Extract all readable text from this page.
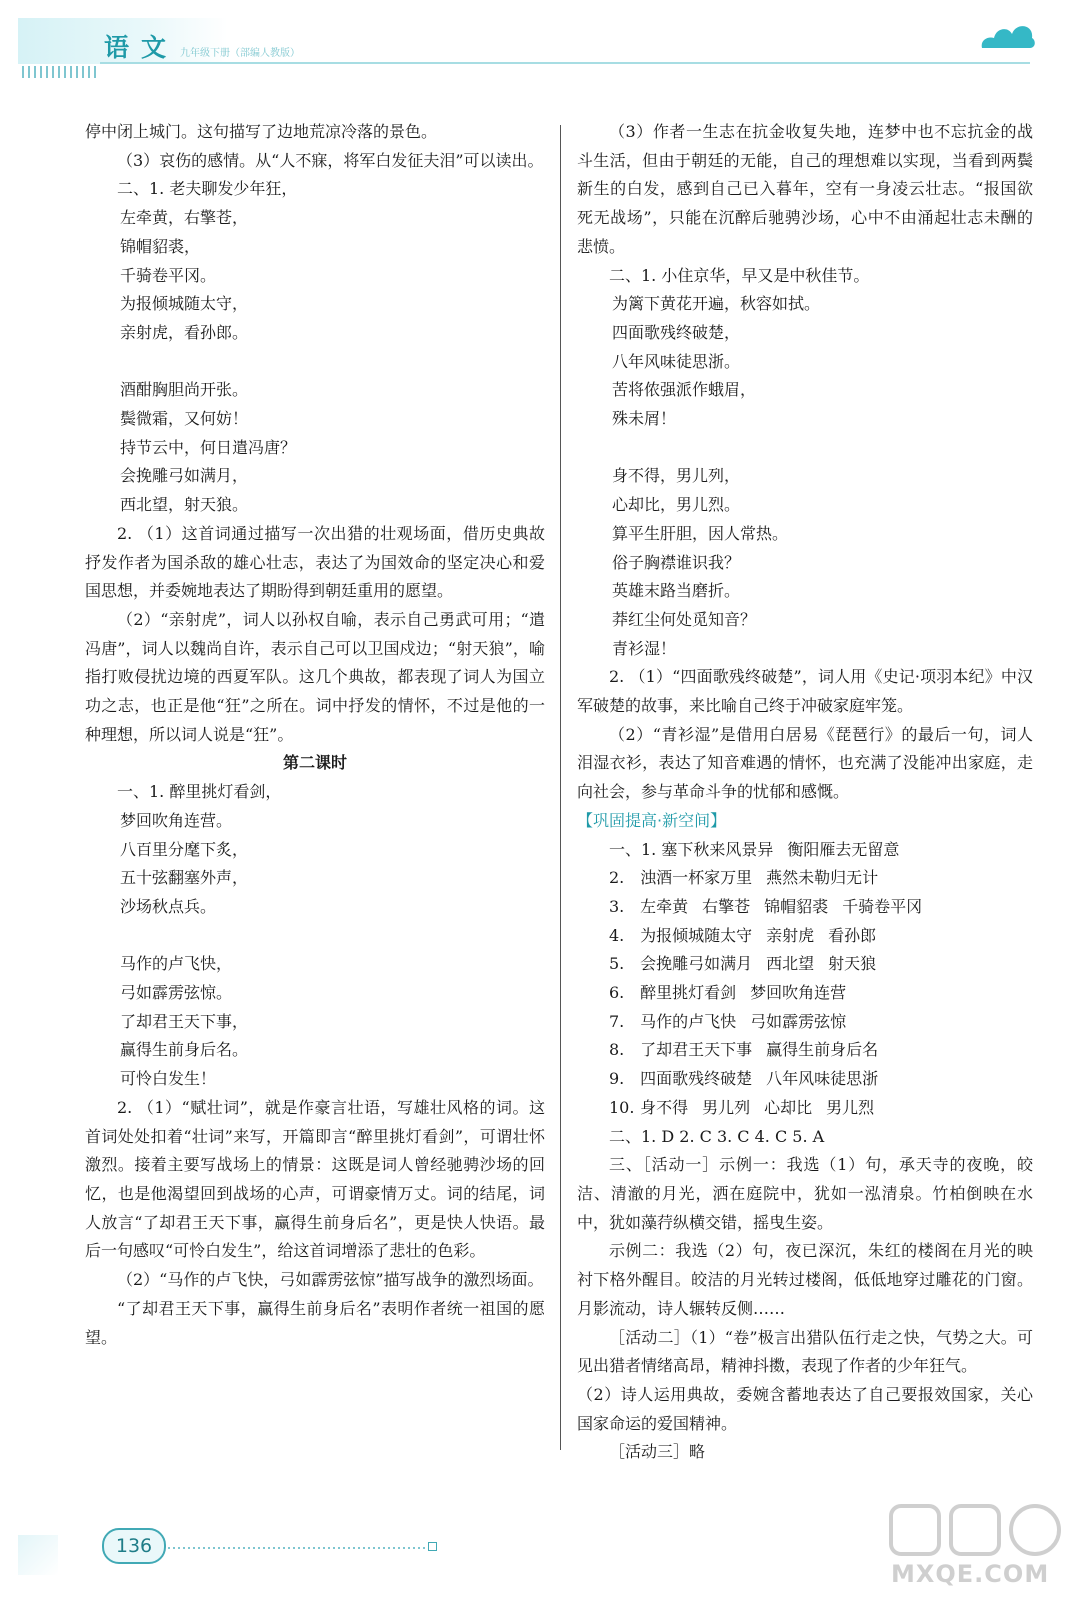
语文 九年级下册（部编人教版）

停中闭上城门。这句描写了边地荒凉冷落的景色。

（3）哀伤的感情。从“人不寐，将军白发征夫泪”可以读出。

二、1. 老夫聊发少年狂，

左牵黄，右擎苍，

锦帽貂裘，

千骑卷平冈。

为报倾城随太守，

亲射虎，看孙郎。

酒酣胸胆尚开张。

鬓微霜，又何妨！

持节云中，何日遣冯唐？

会挽雕弓如满月，

西北望，射天狼。

2. （1）这首词通过描写一次出猎的壮观场面，借历史典故抒发作者为国杀敌的雄心壮志，表达了为国效命的坚定决心和爱国思想，并委婉地表达了期盼得到朝廷重用的愿望。

（2）“亲射虎”，词人以孙权自喻，表示自己勇武可用；“遣冯唐”，词人以魏尚自许，表示自己可以卫国戍边；“射天狼”，喻指打败侵扰边境的西夏军队。这几个典故，都表现了词人为国立功之志，也正是他“狂”之所在。词中抒发的情怀，不过是他的一种理想，所以词人说是“狂”。

第二课时

一、1. 醉里挑灯看剑，

梦回吹角连营。

八百里分麾下炙，

五十弦翻塞外声，

沙场秋点兵。

马作的卢飞快，

弓如霹雳弦惊。

了却君王天下事，

赢得生前身后名。

可怜白发生！

2. （1）“赋壮词”，就是作豪言壮语，写雄壮风格的词。这首词处处扣着“壮词”来写，开篇即言“醉里挑灯看剑”，可谓壮怀激烈。接着主要写战场上的情景：这既是词人曾经驰骋沙场的回忆，也是他渴望回到战场的心声，可谓豪情万丈。词的结尾，词人放言“了却君王天下事，赢得生前身后名”，更是快人快语。最后一句感叹“可怜白发生”，给这首词增添了悲壮的色彩。

（2）“马作的卢飞快，弓如霹雳弦惊”描写战争的激烈场面。

“了却君王天下事，赢得生前身后名”表明作者统一祖国的愿望。

（3）作者一生志在抗金收复失地，连梦中也不忘抗金的战斗生活，但由于朝廷的无能，自己的理想难以实现，当看到两鬓新生的白发，感到自己已入暮年，空有一身凌云壮志。“报国欲死无战场”，只能在沉醉后驰骋沙场，心中不由涌起壮志未酬的悲愤。

二、1. 小住京华，早又是中秋佳节。

为篱下黄花开遍，秋容如拭。

四面歌残终破楚，

八年风味徒思浙。

苦将侬强派作蛾眉，

殊未屑！

身不得，男儿列，

心却比，男儿烈。

算平生肝胆，因人常热。

俗子胸襟谁识我？

英雄末路当磨折。

莽红尘何处觅知音？

青衫湿！

2. （1）“四面歌残终破楚”，词人用《史记·项羽本纪》中汉军破楚的故事，来比喻自己终于冲破家庭牢笼。

（2）“青衫湿”是借用白居易《琵琶行》的最后一句，词人泪湿衣衫，表达了知音难遇的情怀，也充满了没能冲出家庭，走向社会，参与革命斗争的忧郁和感慨。

【巩固提高·新空间】

一、1. 塞下秋来风景异 衡阳雁去无留意

2. 浊酒一杯家万里 燕然未勒归无计

3. 左牵黄 右擎苍 锦帽貂裘 千骑卷平冈

4. 为报倾城随太守 亲射虎 看孙郎

5. 会挽雕弓如满月 西北望 射天狼

6. 醉里挑灯看剑 梦回吹角连营

7. 马作的卢飞快 弓如霹雳弦惊

8. 了却君王天下事 赢得生前身后名

9. 四面歌残终破楚 八年风味徒思浙

10. 身不得 男儿列 心却比 男儿烈

二、1. D 2. C 3. C 4. C 5. A

三、［活动一］示例一：我选（1）句，承天寺的夜晚，皎洁、清澈的月光，洒在庭院中，犹如一泓清泉。竹柏倒映在水中，犹如藻荇纵横交错，摇曳生姿。

示例二：我选（2）句，夜已深沉，朱红的楼阁在月光的映衬下格外醒目。皎洁的月光转过楼阁，低低地穿过雕花的门窗。月影流动，诗人辗转反侧……

［活动二］（1）“卷”极言出猎队伍行走之快，气势之大。可见出猎者情绪高昂，精神抖擞，表现了作者的少年狂气。

（2）诗人运用典故，委婉含蓄地表达了自己要报效国家，关心国家命运的爱国精神。

［活动三］略

136
MXQE.COM
